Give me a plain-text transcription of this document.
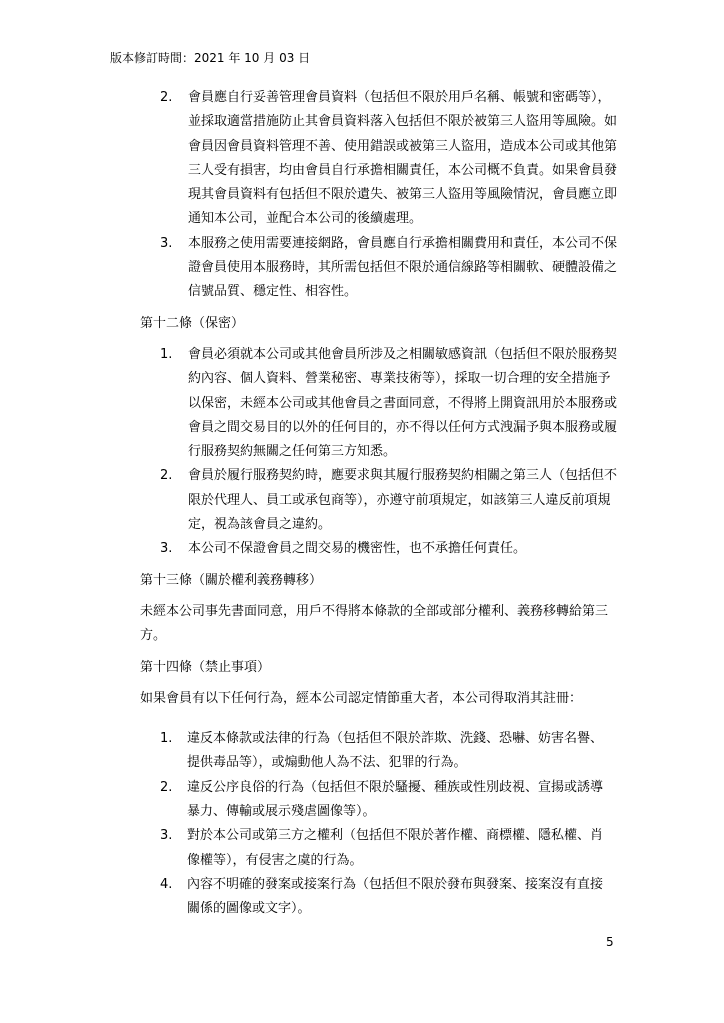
版本修訂時間：2021 年 10 月 03 日
2.	會員應自行妥善管理會員資料（包括但不限於用戶名稱、帳號和密碼等），並採取適當措施防止其會員資料落入包括但不限於被第三人盜用等風險。如會員因會員資料管理不善、使用錯誤或被第三人盜用，造成本公司或其他第三人受有損害，均由會員自行承擔相關責任，本公司概不負責。如果會員發現其會員資料有包括但不限於遺失、被第三人盜用等風險情況，會員應立即通知本公司，並配合本公司的後續處理。
3.	本服務之使用需要連接網路，會員應自行承擔相關費用和責任，本公司不保證會員使用本服務時，其所需包括但不限於通信線路等相關軟、硬體設備之信號品質、穩定性、相容性。
第十二條（保密）
1.	會員必須就本公司或其他會員所涉及之相關敏感資訊（包括但不限於服務契約內容、個人資料、營業秘密、專業技術等），採取一切合理的安全措施予以保密，未經本公司或其他會員之書面同意，不得將上開資訊用於本服務或會員之間交易目的以外的任何目的，亦不得以任何方式洩漏予與本服務或履行服務契約無關之任何第三方知悉。
2.	會員於履行服務契約時，應要求與其履行服務契約相關之第三人（包括但不限於代理人、員工或承包商等），亦遵守前項規定，如該第三人違反前項規定，視為該會員之違約。
3.	本公司不保證會員之間交易的機密性，也不承擔任何責任。
第十三條（關於權利義務轉移）

未經本公司事先書面同意，用戶不得將本條款的全部或部分權利、義務移轉給第三方。

第十四條（禁止事項）

如果會員有以下任何行為，經本公司認定情節重大者，本公司得取消其註冊：

1.	違反本條款或法律的行為（包括但不限於詐欺、洗錢、恐嚇、妨害名譽、提供毒品等），或煽動他人為不法、犯罪的行為。
2.	違反公序良俗的行為（包括但不限於騷擾、種族或性別歧視、宣揚或誘導暴力、傳輸或展示殘虐圖像等）。
3.	對於本公司或第三方之權利（包括但不限於著作權、商標權、隱私權、肖像權等），有侵害之虞的行為。
4.	內容不明確的發案或接案行為（包括但不限於發布與發案、接案沒有直接關係的圖像或文字）。
5
